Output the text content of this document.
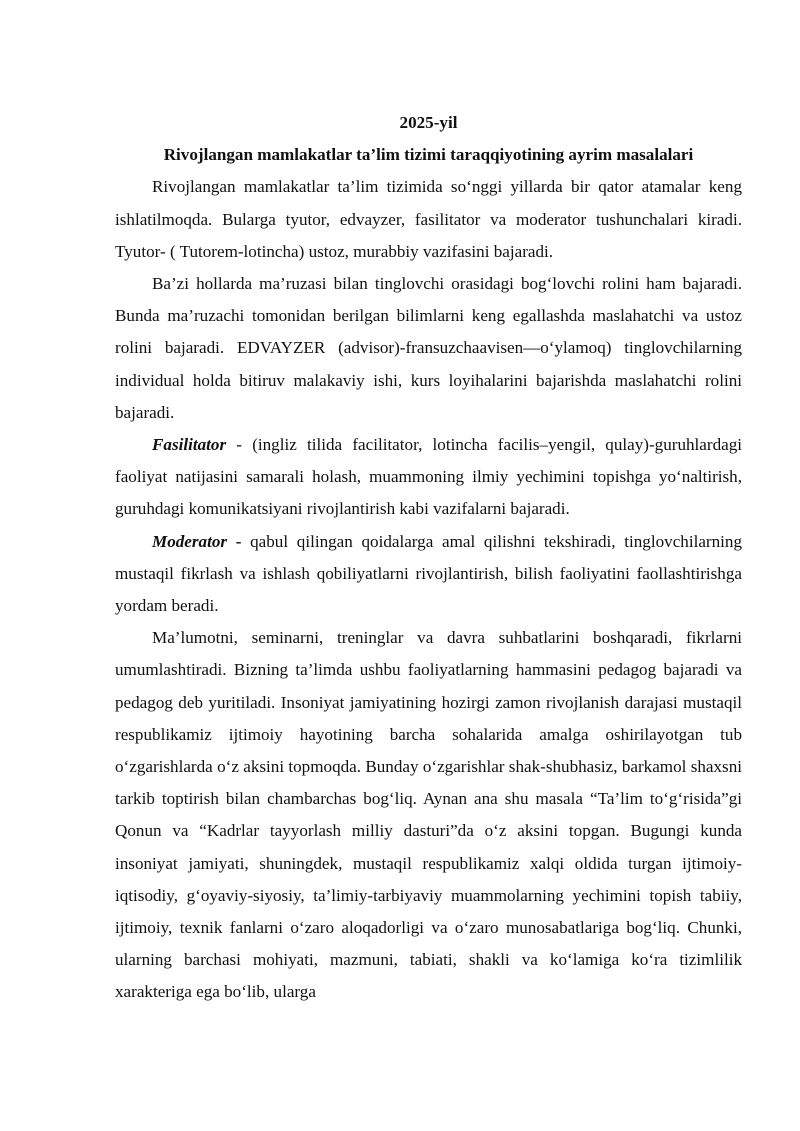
2025-yil

Rivojlangan mamlakatlar ta’lim tizimi taraqqiyotining ayrim masalalari

Rivojlangan mamlakatlar ta’lim tizimida so‘nggi yillarda bir qator atamalar keng ishlatilmoqda. Bularga tyutor, edvayzer, fasilitator va moderator tushunchalari kiradi. Tyutor- ( Tutorem-lotincha) ustoz, murabbiy vazifasini bajaradi.

Ba’zi hollarda ma’ruzasi bilan tinglovchi orasidagi bog‘lovchi rolini ham bajaradi. Bunda ma’ruzachi tomonidan berilgan bilimlarni keng egallashda maslahatchi va ustoz rolini bajaradi. EDVAYZER (advisor)-fransuzchaavisen—o‘ylamoq) tinglovchilarning individual holda bitiruv malakaviy ishi, kurs loyihalarini bajarishda maslahatchi rolini bajaradi.

Fasilitator - (ingliz tilida facilitator, lotincha facilis–yengil, qulay)-guruhlardagi faoliyat natijasini samarali holash, muammoning ilmiy yechimini topishga yo‘naltirish, guruhdagi komunikatsiyani rivojlantirish kabi vazifalarni bajaradi.

Moderator - qabul qilingan qoidalarga amal qilishni tekshiradi, tinglovchilarning mustaqil fikrlash va ishlash qobiliyatlarni rivojlantirish, bilish faoliyatini faollashtirishga yordam beradi.

Ma’lumotni, seminarni, treninglar va davra suhbatlarini boshqaradi, fikrlarni umumlashtiradi. Bizning ta’limda ushbu faoliyatlarning hammasini pedagog bajaradi va pedagog deb yuritiladi. Insoniyat jamiyatining hozirgi zamon rivojlanish darajasi mustaqil respublikamiz ijtimoiy hayotining barcha sohalarida amalga oshirilayotgan tub o‘zgarishlarda o‘z aksini topmoqda. Bunday o‘zgarishlar shak-shubhasiz, barkamol shaxsni tarkib toptirish bilan chambarchas bog‘liq. Aynan ana shu masala “Ta’lim to‘g‘risida”gi Qonun va “Kadrlar tayyorlash milliy dasturi”da o‘z aksini topgan. Bugungi kunda insoniyat jamiyati, shuningdek, mustaqil respublikamiz xalqi oldida turgan ijtimoiy-iqtisodiy, g‘oyaviy-siyosiy, ta’limiy-tarbiyaviy muammolarning yechimini topish tabiiy, ijtimoiy, texnik fanlarni o‘zaro aloqadorligi va o‘zaro munosabatlariga bog‘liq. Chunki, ularning barchasi mohiyati, mazmuni, tabiati, shakli va ko‘lamiga ko‘ra tizimlilik xarakteriga ega bo‘lib, ularga
